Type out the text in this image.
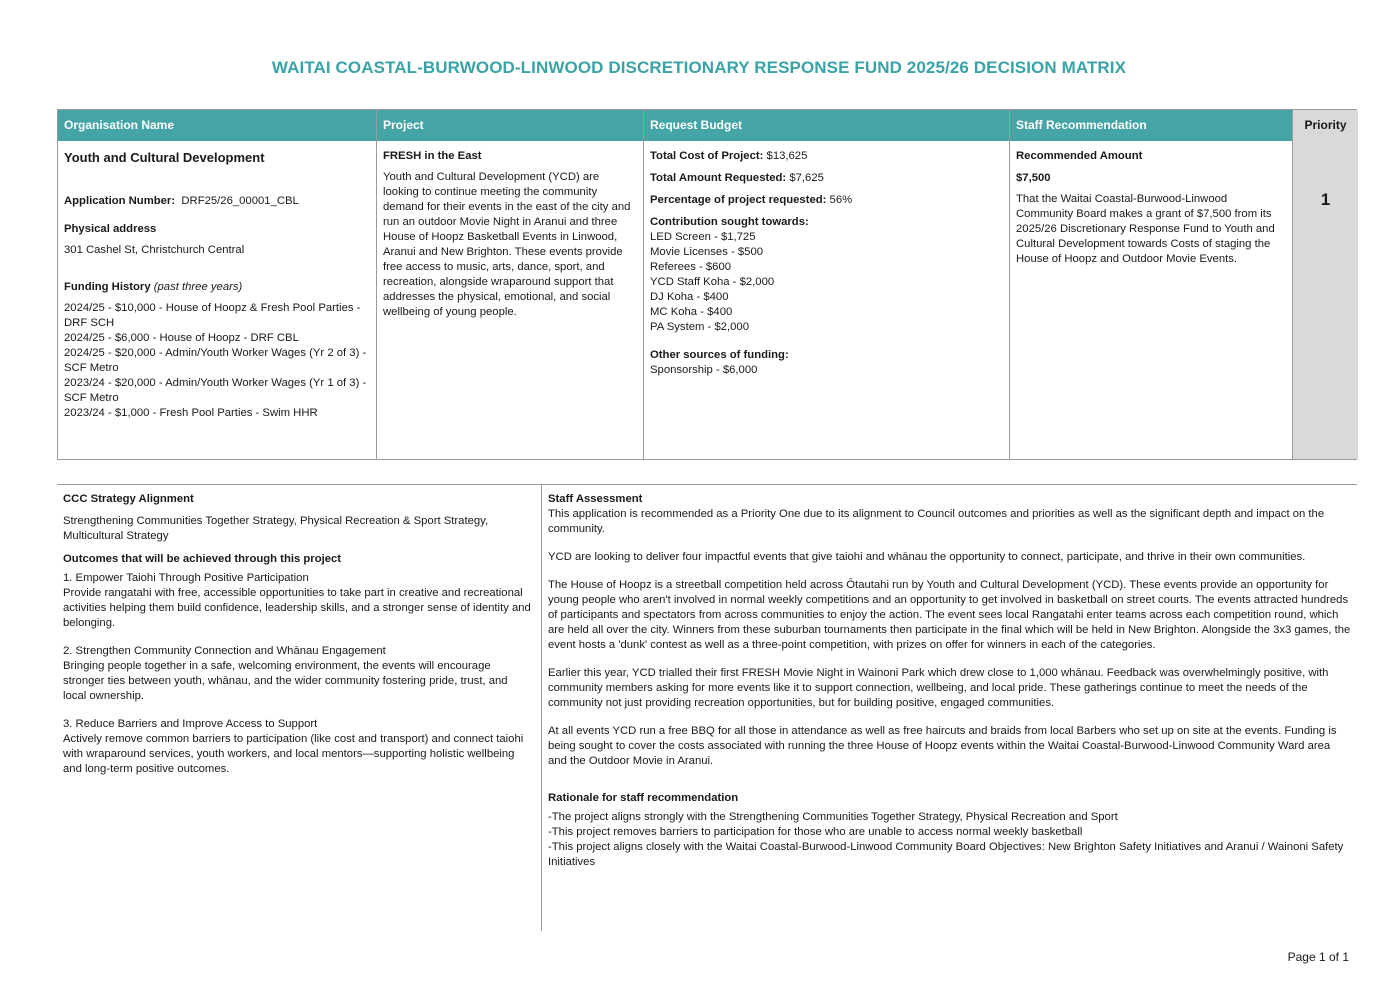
WAITAI COASTAL-BURWOOD-LINWOOD DISCRETIONARY RESPONSE FUND 2025/26 DECISION MATRIX
Organisation Name
Youth and Cultural Development

Application Number: DRF25/26_00001_CBL

Physical address

301 Cashel St, Christchurch Central

Funding History (past three years)

2024/25 - $10,000 - House of Hoopz & Fresh Pool Parties - DRF SCH

2024/25 - $6,000 - House of Hoopz - DRF CBL

2024/25 - $20,000 - Admin/Youth Worker Wages (Yr 2 of 3) - SCF Metro

2023/24 - $20,000 - Admin/Youth Worker Wages (Yr 1 of 3) - SCF Metro

2023/24 - $1,000 - Fresh Pool Parties - Swim HHR

Project

FRESH in the East

Youth and Cultural Development (YCD) are looking to continue meeting the community demand for their events in the east of the city and run an outdoor Movie Night in Aranui and three House of Hoopz Basketball Events in Linwood, Aranui and New Brighton. These events provide free access to music, arts, dance, sport, and recreation, alongside wraparound support that addresses the physical, emotional, and social wellbeing of young people.

Request Budget

Total Cost of Project: $13,625

Total Amount Requested: $7,625

Percentage of project requested: 56%

Contribution sought towards:

LED Screen - $1,725

Movie Licenses - $500

Referees - $600

YCD Staff Koha - $2,000

DJ Koha - $400

MC Koha - $400

PA System - $2,000

Other sources of funding:

Sponsorship - $6,000

Staff Recommendation

Recommended Amount

$7,500

That the Waitai Coastal-Burwood-Linwood Community Board makes a grant of $7,500 from its 2025/26 Discretionary Response Fund to Youth and Cultural Development towards Costs of staging the House of Hoopz and Outdoor Movie Events.

Priority
1

CCC Strategy Alignment

Strengthening Communities Together Strategy, Physical Recreation & Sport Strategy, Multicultural Strategy

Outcomes that will be achieved through this project

1. Empower Taiohi Through Positive Participation

Provide rangatahi with free, accessible opportunities to take part in creative and recreational activities helping them build confidence, leadership skills, and a stronger sense of identity and belonging.

2. Strengthen Community Connection and Whānau Engagement

Bringing people together in a safe, welcoming environment, the events will encourage stronger ties between youth, whānau, and the wider community fostering pride, trust, and local ownership.

3. Reduce Barriers and Improve Access to Support

Actively remove common barriers to participation (like cost and transport) and connect taiohi with wraparound services, youth workers, and local mentors—supporting holistic wellbeing and long-term positive outcomes.

Staff Assessment

This application is recommended as a Priority One due to its alignment to Council outcomes and priorities as well as the significant depth and impact on the community.

YCD are looking to deliver four impactful events that give taiohi and whānau the opportunity to connect, participate, and thrive in their own communities.

The House of Hoopz is a streetball competition held across Ōtautahi run by Youth and Cultural Development (YCD). These events provide an opportunity for young people who aren't involved in normal weekly competitions and an opportunity to get involved in basketball on street courts. The events attracted hundreds of participants and spectators from across communities to enjoy the action. The event sees local Rangatahi enter teams across each competition round, which are held all over the city. Winners from these suburban tournaments then participate in the final which will be held in New Brighton. Alongside the 3x3 games, the event hosts a 'dunk' contest as well as a three-point competition, with prizes on offer for winners in each of the categories.

Earlier this year, YCD trialled their first FRESH Movie Night in Wainoni Park which drew close to 1,000 whānau. Feedback was overwhelmingly positive, with community members asking for more events like it to support connection, wellbeing, and local pride. These gatherings continue to meet the needs of the community not just providing recreation opportunities, but for building positive, engaged communities.

At all events YCD run a free BBQ for all those in attendance as well as free haircuts and braids from local Barbers who set up on site at the events. Funding is being sought to cover the costs associated with running the three House of Hoopz events within the Waitai Coastal-Burwood-Linwood Community Ward area and the Outdoor Movie in Aranui.

Rationale for staff recommendation

-The project aligns strongly with the Strengthening Communities Together Strategy, Physical Recreation and Sport

-This project removes barriers to participation for those who are unable to access normal weekly basketball

-This project aligns closely with the Waitai Coastal-Burwood-Linwood Community Board Objectives: New Brighton Safety Initiatives and Aranui / Wainoni Safety Initiatives

Page 1 of 1
